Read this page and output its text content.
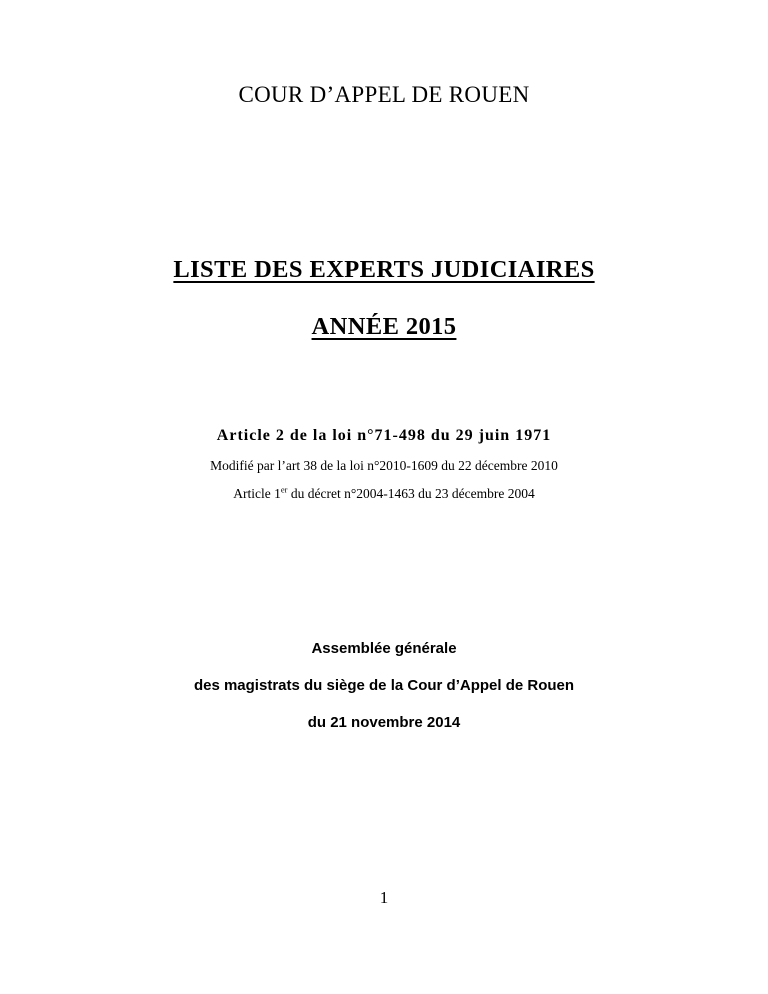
COUR D’APPEL DE ROUEN
LISTE DES EXPERTS JUDICIAIRES
ANNÉE 2015
Article 2 de la loi n°71-498 du 29 juin 1971
Modifié par l’art 38 de la loi n°2010-1609 du 22 décembre 2010
Article 1er du décret n°2004-1463 du 23 décembre 2004
Assemblée générale
des magistrats du siège de la Cour d’Appel de Rouen
du 21 novembre 2014
1
